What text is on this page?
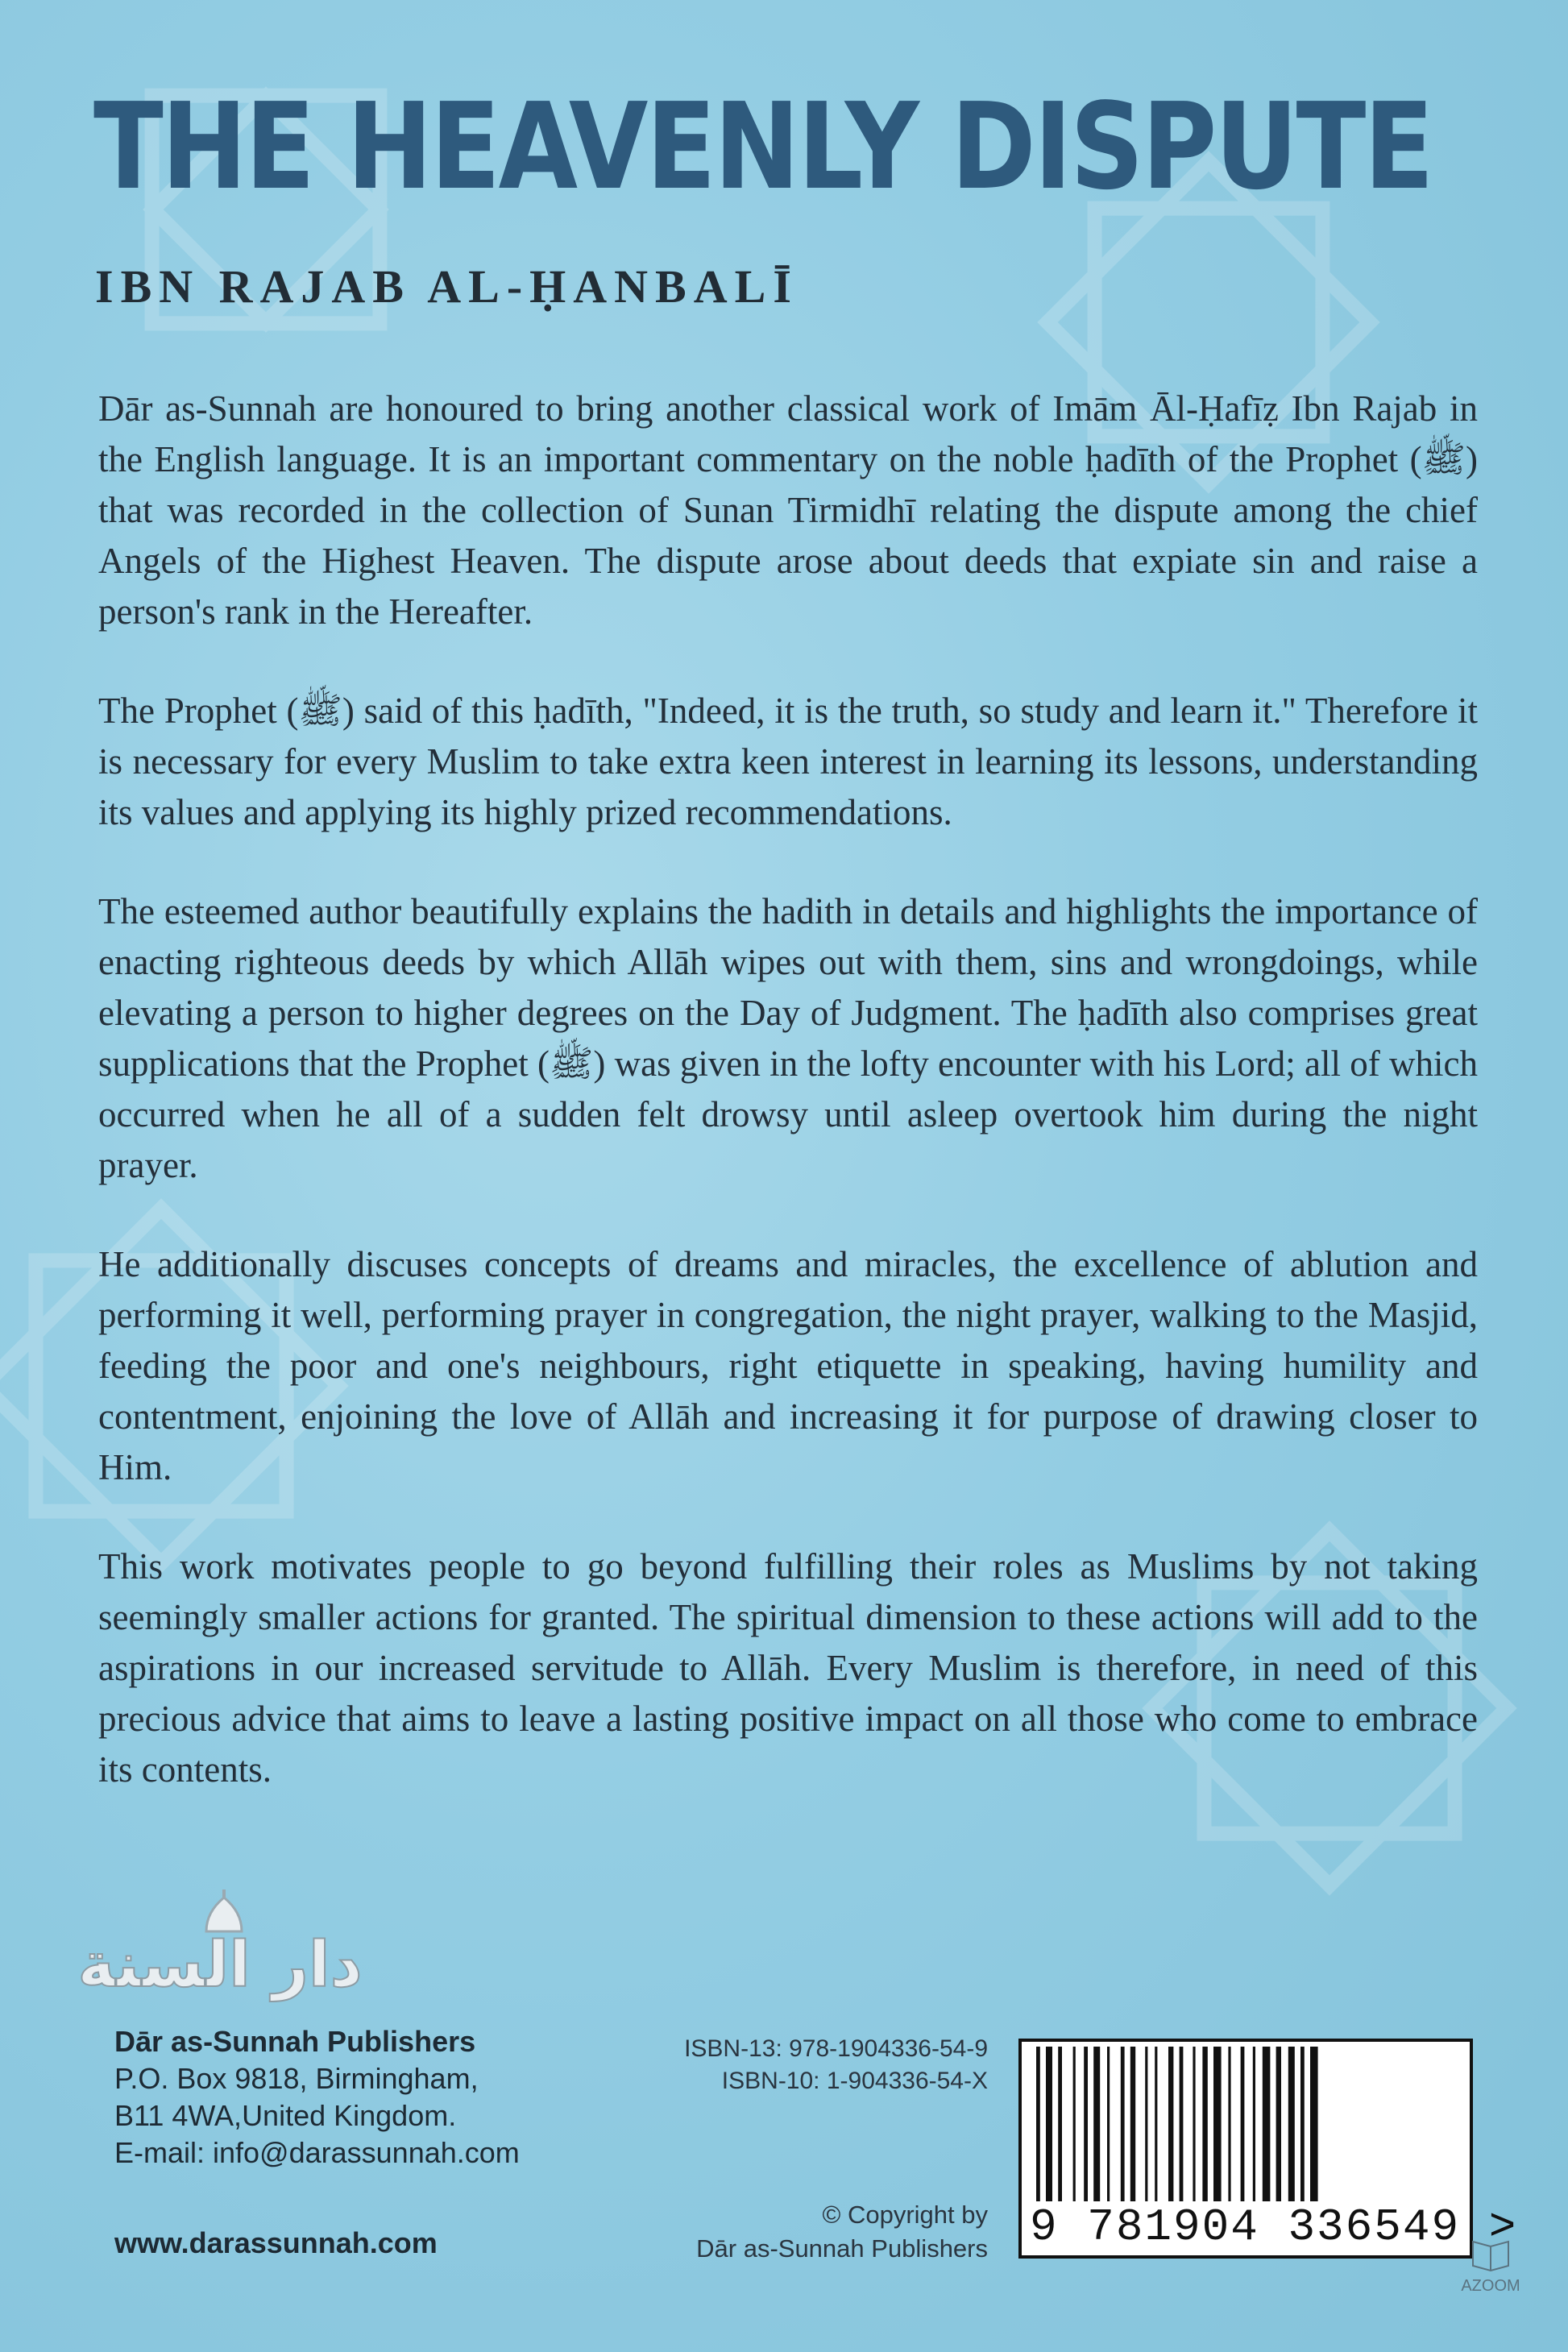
THE HEAVENLY DISPUTE
IBN RAJAB AL-ḤANBALĪ

Dār as-Sunnah are honoured to bring another classical work of Imām Āl-Ḥafīẓ Ibn Rajab in the English language. It is an important commentary on the noble ḥadīth of the Prophet (ﷺ) that was recorded in the collection of Sunan Tirmidhī relating the dispute among the chief Angels of the Highest Heaven. The dispute arose about deeds that expiate sin and raise a person's rank in the Hereafter.

The Prophet (ﷺ) said of this ḥadīth, "Indeed, it is the truth, so study and learn it." Therefore it is necessary for every Muslim to take extra keen interest in learning its lessons, understanding its values and applying its highly prized recommendations.

The esteemed author beautifully explains the hadith in details and highlights the importance of enacting righteous deeds by which Allāh wipes out with them, sins and wrongdoings, while elevating a person to higher degrees on the Day of Judgment. The ḥadīth also comprises great supplications that the Prophet (ﷺ) was given in the lofty encounter with his Lord; all of which occurred when he all of a sudden felt drowsy until asleep overtook him during the night prayer.

He additionally discuses concepts of dreams and miracles, the excellence of ablution and performing it well, performing prayer in congregation, the night prayer, walking to the Masjid, feeding the poor and one's neighbours, right etiquette in speaking, having humility and contentment, enjoining the love of Allāh and increasing it for purpose of drawing closer to Him.

This work motivates people to go beyond fulfilling their roles as Muslims by not taking seemingly smaller actions for granted. The spiritual dimension to these actions will add to the aspirations in our increased servitude to Allāh. Every Muslim is therefore, in need of this precious advice that aims to leave a lasting positive impact on all those who come to embrace its contents.

دار السنة
Dār as-Sunnah Publishers
P.O. Box 9818, Birmingham,
B11 4WA,United Kingdom.
E-mail: info@darassunnah.com
www.darassunnah.com
ISBN-13: 978-1904336-54-9
ISBN-10: 1-904336-54-X
© Copyright by
Dār as-Sunnah Publishers 9 781904 336549 >
AZOOM
